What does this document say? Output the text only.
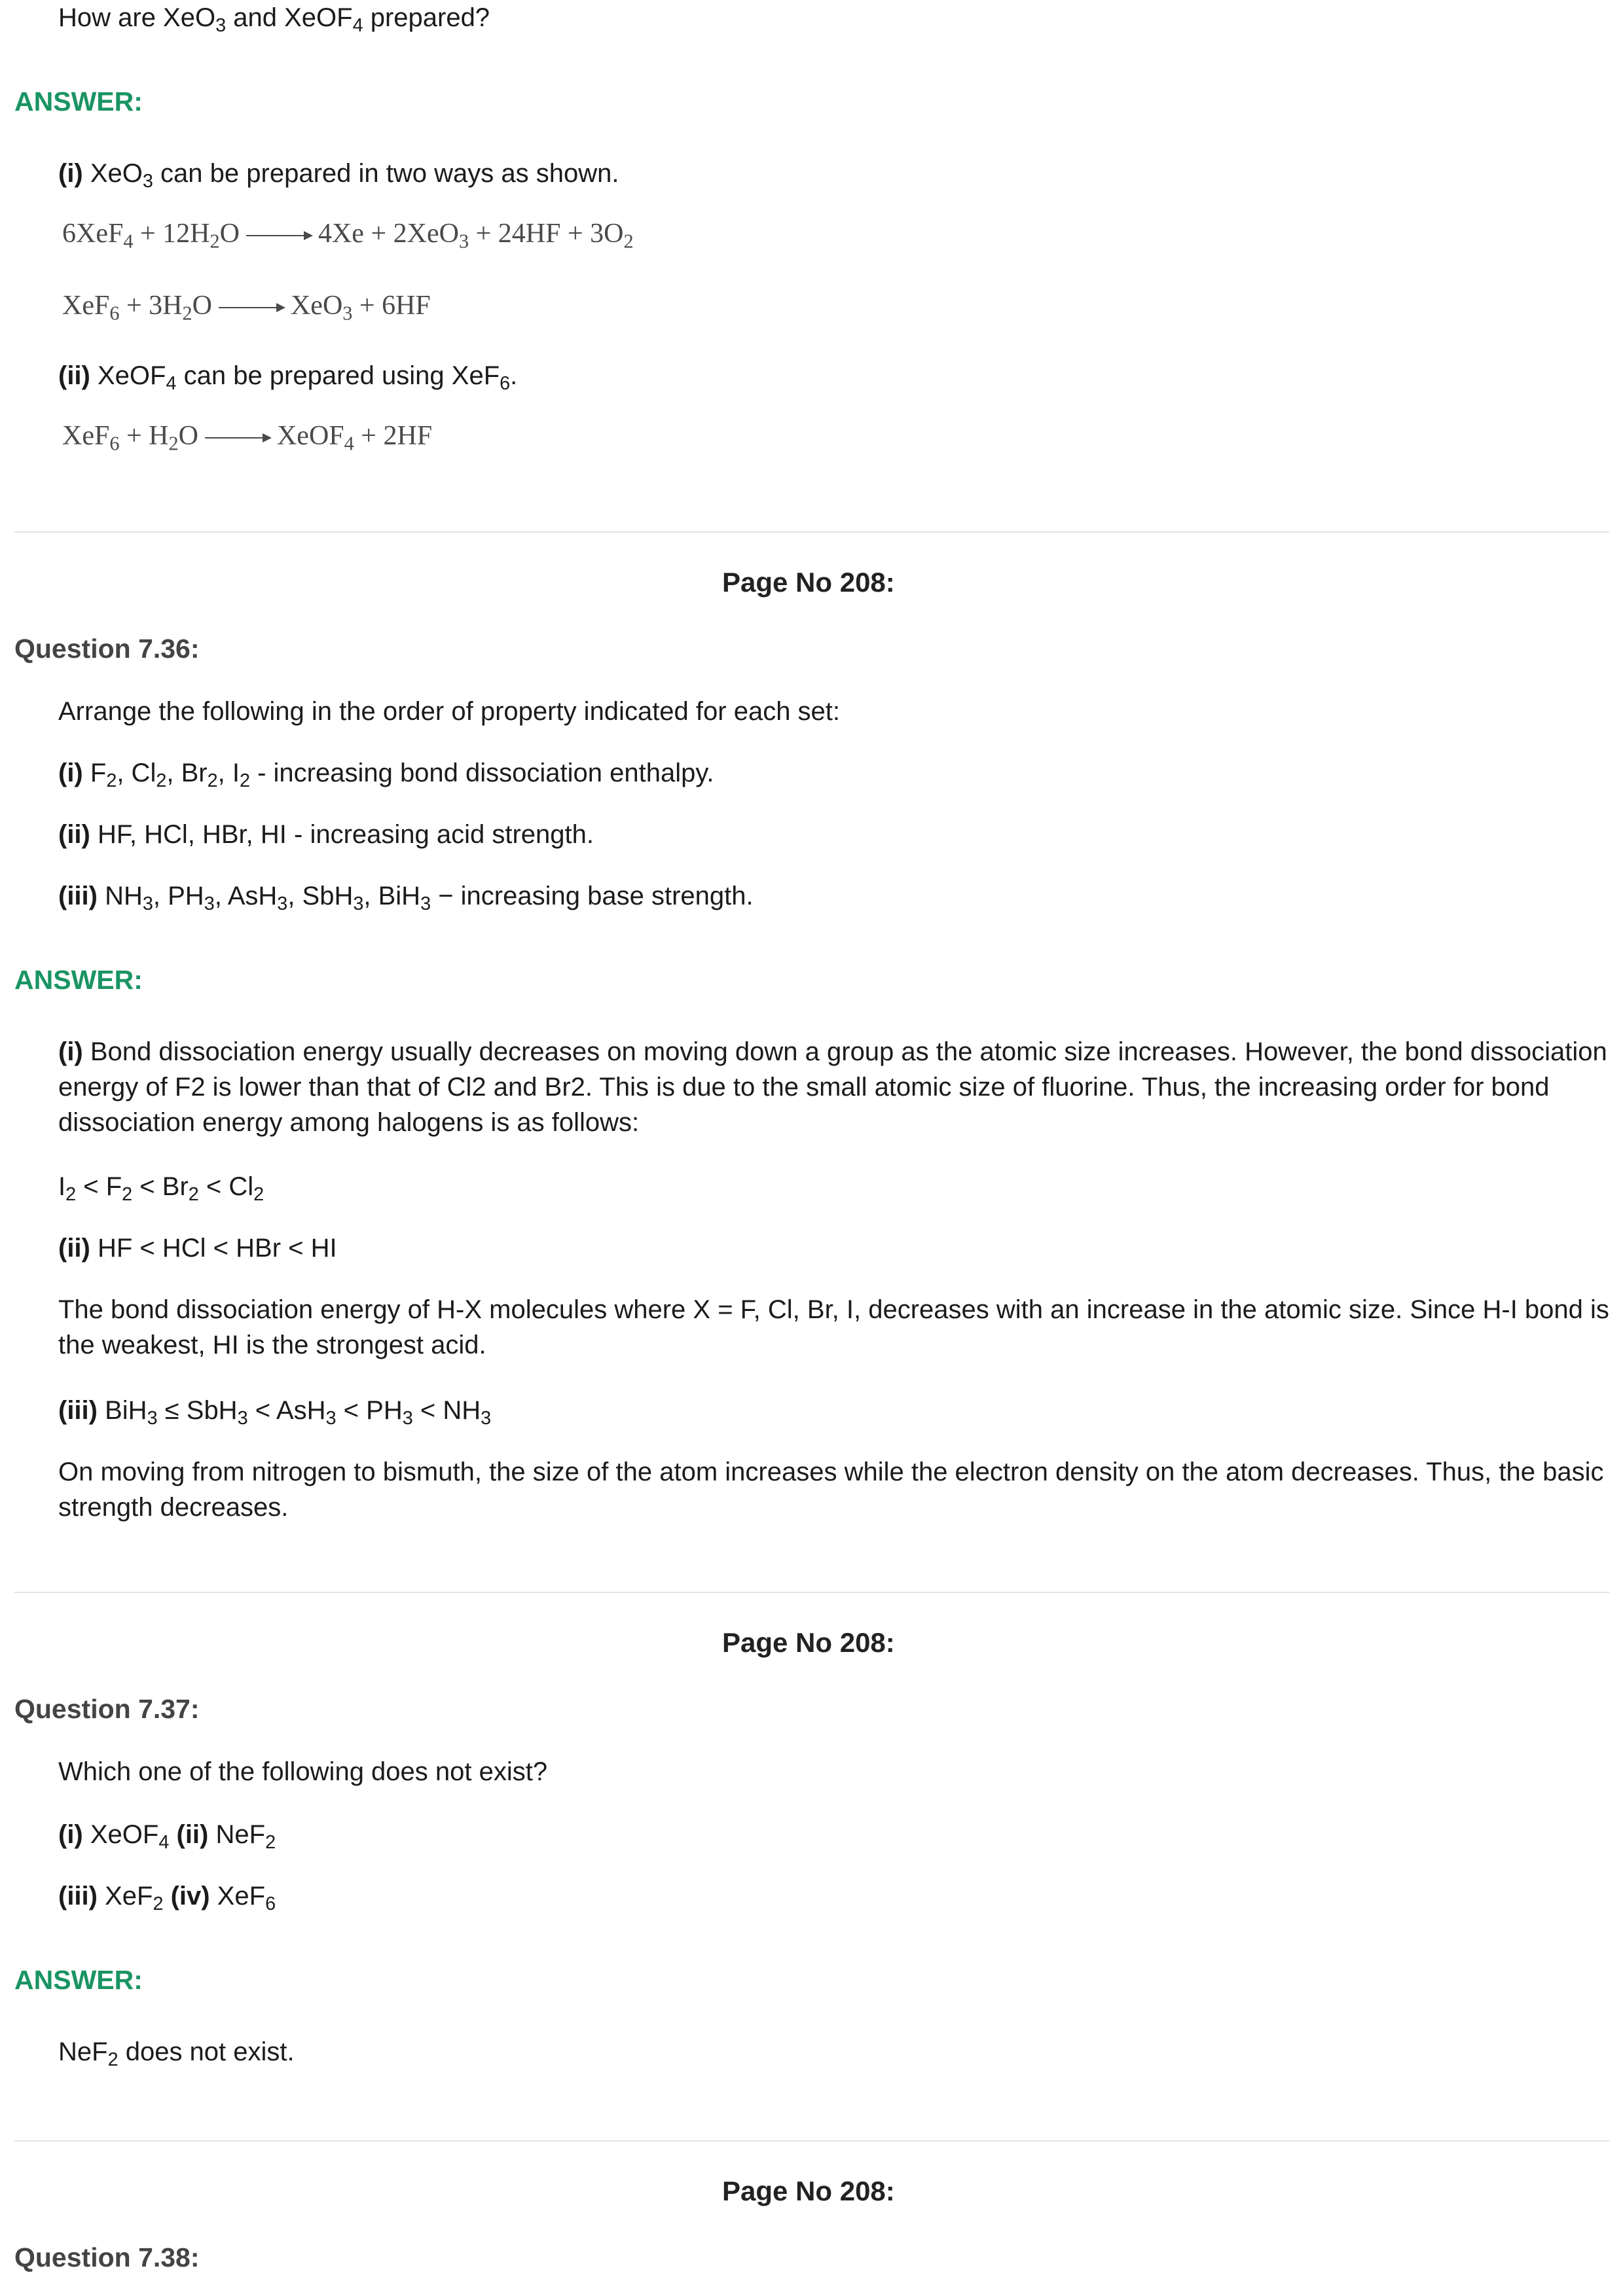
How are XeO$_3$ and XeOF$_4$ prepared?
ANSWER:
(i) XeO$_3$ can be prepared in two ways as shown.
$6XeF_4 + 12H_2O \to 4Xe + 2XeO_3 + 24HF + 3O_2$
$XeF_6 + 3H_2O \to XeO_3 + 6HF$
(ii) XeOF$_4$ can be prepared using XeF$_6$.
$XeF_6 + H_2O$ → XeOF$_4$ + 2HF
Page No 208:
Question 7.36:
Arrange the following in the order of property indicated for each set:
(i) $F_2$, $Cl_2$, $Br_2$, $I_2$ - increasing bond dissociation enthalpy.
(ii) HF, HCl, HBr, HI - increasing acid strength.
(iii) $NH_3$, $PH_3$, AsH$_3$, SbH$_3$, BiH$_3$ − increasing base strength.
ANSWER:
(i) Bond dissociation energy usually decreases on moving down a group as the atomic size increases. However, the bond dissociation energy of F2 is lower than that of Cl2 and Br2. This is due to the small atomic size of fluorine. Thus, the increasing order for bond dissociation energy among halogens is as follows:
$I_2 < F_2 < Br_2 < Cl_2$
(ii) HF < HCl < HBr < HI
The bond dissociation energy of H-X molecules where X = F, Cl, Br, I, decreases with an increase in the atomic size. Since H-I bond is the weakest, HI is the strongest acid.
(iii) $BiH_3 \le SbH_3 < AsH_3 < PH_3 < NH_3$
On moving from nitrogen to bismuth, the size of the atom increases while the electron density on the atom decreases. Thus, the basic strength decreases.
Page No 208:
Question 7.37:
Which one of the following does not exist?
(i) XeOF$_4$ (ii) NeF$_2$
(iii) XeF$_2$ (iv) XeF$_6$
ANSWER:
NeF$_2$ does not exist.
Page No 208:
Question 7.38:
